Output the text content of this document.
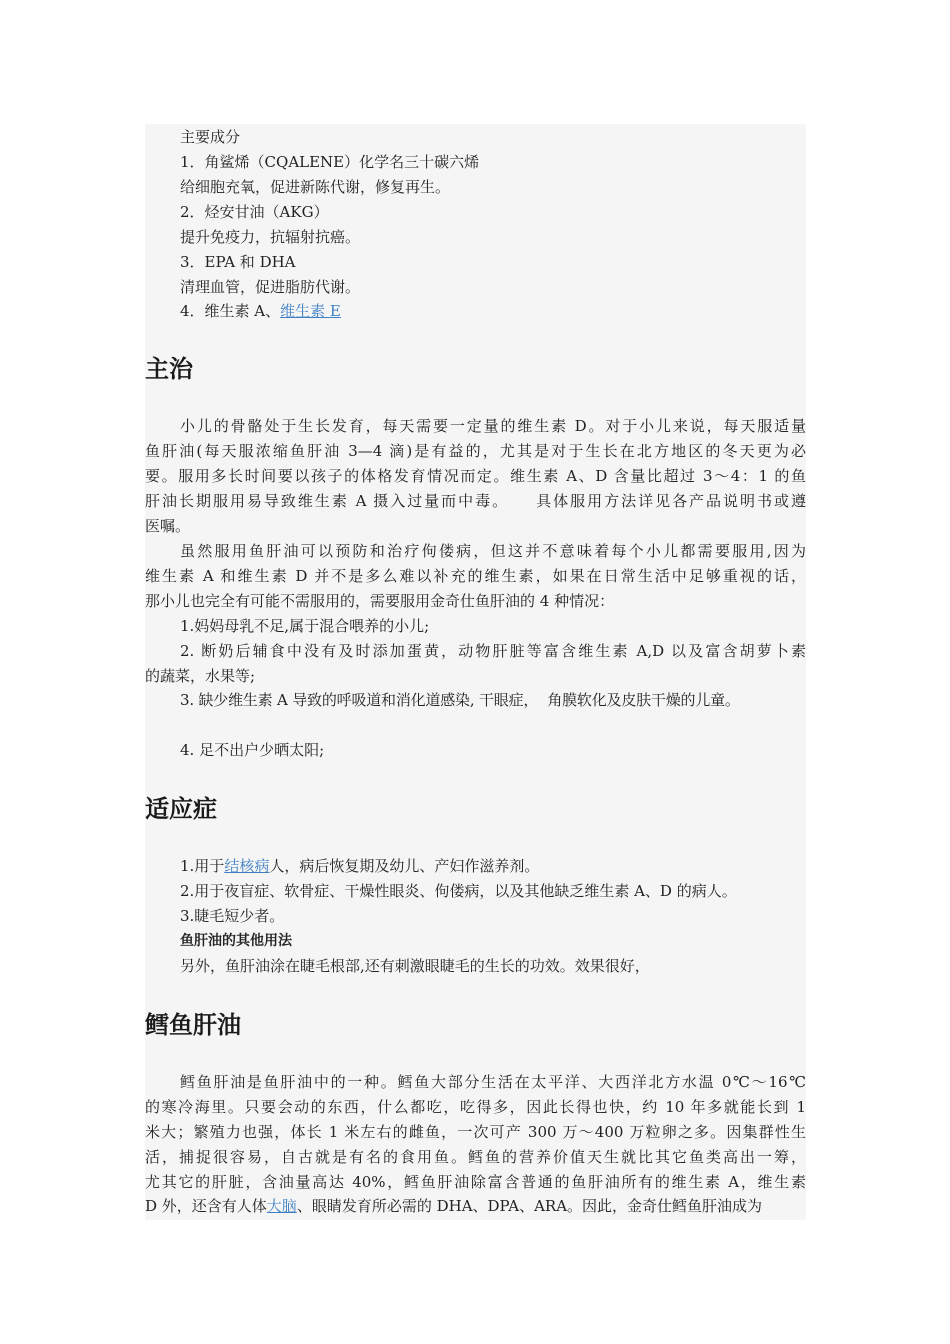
主要成分
1．角鲨烯（CQALENE）化学名三十碳六烯
给细胞充氧，促进新陈代谢，修复再生。
2．烃安甘油（AKG）
提升免疫力，抗辐射抗癌。
3．EPA 和 DHA
清理血管，促进脂肪代谢。
4．维生素 A、维生素 E
主治
小儿的骨骼处于生长发育，每天需要一定量的维生素 D。对于小儿来说，每天服适量
鱼肝油(每天服浓缩鱼肝油 3—4 滴)是有益的，尤其是对于生长在北方地区的冬天更为必
要。服用多长时间要以孩子的体格发育情况而定。维生素 A、D 含量比超过 3～4：1 的鱼
肝油长期服用易导致维生素 A 摄入过量而中毒。    具体服用方法详见各产品说明书或遵
医嘱。
虽然服用鱼肝油可以预防和治疗佝偻病，但这并不意味着每个小儿都需要服用,因为
维生素 A 和维生素 D 并不是多么难以补充的维生素，如果在日常生活中足够重视的话，
那小儿也完全有可能不需服用的，需要服用金奇仕鱼肝油的 4 种情况：
1.妈妈母乳不足,属于混合喂养的小儿;
2. 断奶后辅食中没有及时添加蛋黄，动物肝脏等富含维生素 A,D 以及富含胡萝卜素
的蔬菜，水果等;
3. 缺少维生素 A 导致的呼吸道和消化道感染, 干眼症，  角膜软化及皮肤干燥的儿童。
4. 足不出户少晒太阳;
适应症
1.用于结核病人，病后恢复期及幼儿、产妇作滋养剂。
2.用于夜盲症、软骨症、干燥性眼炎、佝偻病，以及其他缺乏维生素 A、D 的病人。
3.睫毛短少者。
鱼肝油的其他用法
另外，鱼肝油涂在睫毛根部,还有刺激眼睫毛的生长的功效。效果很好，
鳕鱼肝油
鳕鱼肝油是鱼肝油中的一种。鳕鱼大部分生活在太平洋、大西洋北方水温 0℃～16℃
的寒冷海里。只要会动的东西，什么都吃，吃得多，因此长得也快，约 10 年多就能长到 1
米大；繁殖力也强，体长 1 米左右的雌鱼，一次可产 300 万～400 万粒卵之多。因集群性生
活，捕捉很容易，自古就是有名的食用鱼。鳕鱼的营养价值天生就比其它鱼类高出一筹，
尤其它的肝脏，含油量高达 40%，鳕鱼肝油除富含普通的鱼肝油所有的维生素 A，维生素
D 外，还含有人体大脑、眼睛发育所必需的 DHA、DPA、ARA。因此，金奇仕鳕鱼肝油成为
